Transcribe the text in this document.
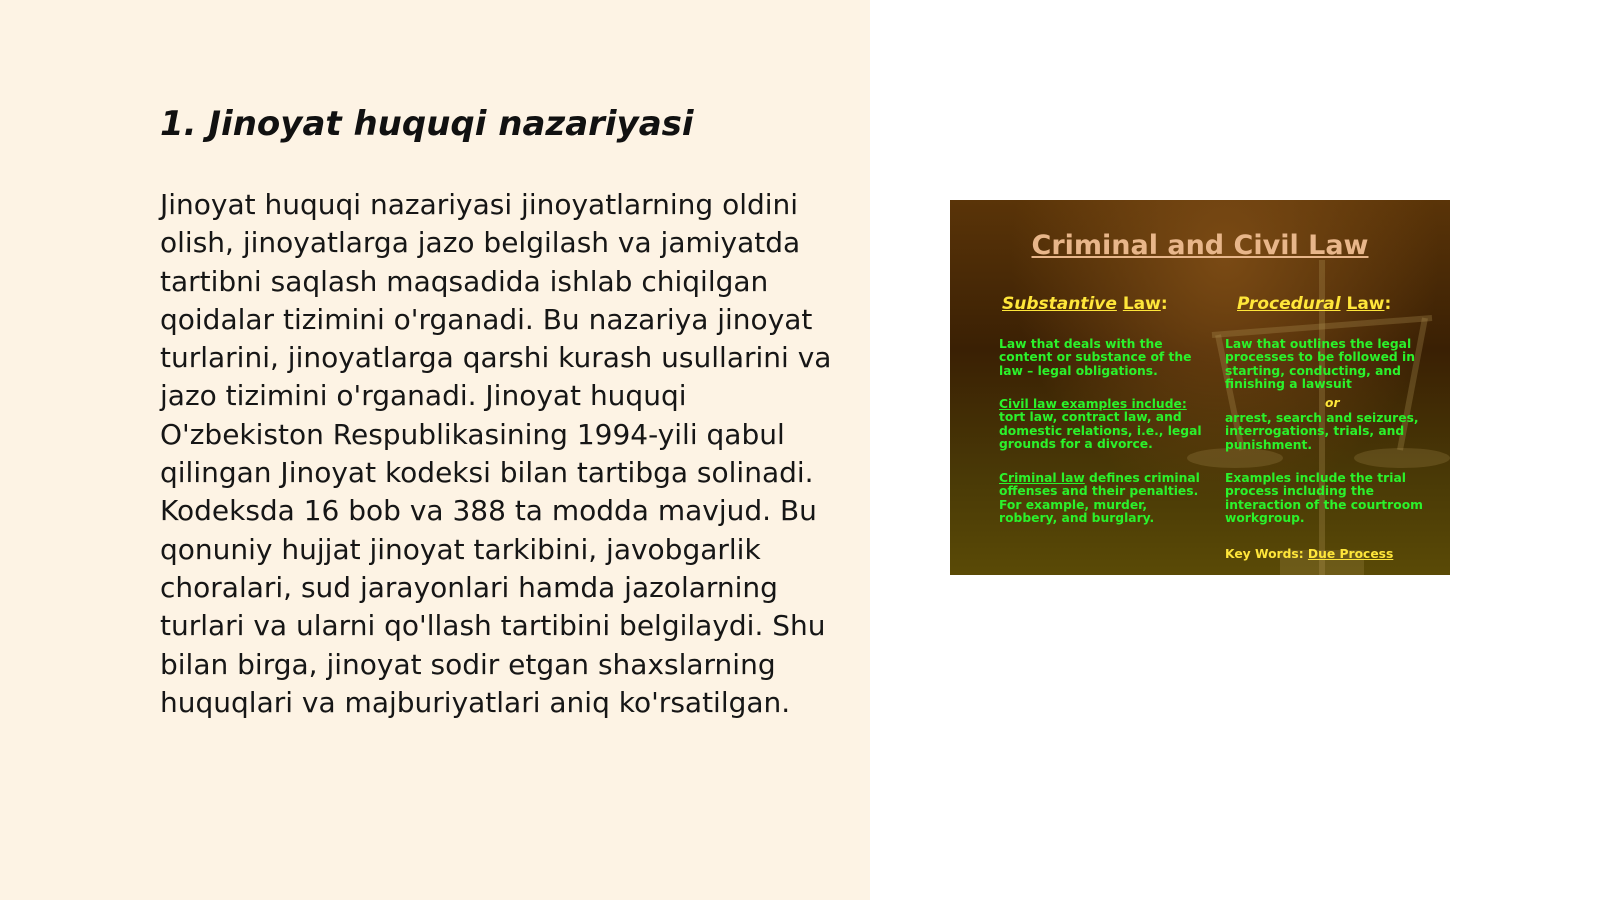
1. Jinoyat huquqi nazariyasi

Jinoyat huquqi nazariyasi jinoyatlarning oldini olish, jinoyatlarga jazo belgilash va jamiyatda tartibni saqlash maqsadida ishlab chiqilgan qoidalar tizimini o'rganadi. Bu nazariya jinoyat turlarini, jinoyatlarga qarshi kurash usullarini va jazo tizimini o'rganadi. Jinoyat huquqi O'zbekiston Respublikasining 1994-yili qabul qilingan Jinoyat kodeksi bilan tartibga solinadi. Kodeksda 16 bob va 388 ta modda mavjud. Bu qonuniy hujjat jinoyat tarkibini, javobgarlik choralari, sud jarayonlari hamda jazolarning turlari va ularni qo'llash tartibini belgilaydi. Shu bilan birga, jinoyat sodir etgan shaxslarning huquqlari va majburiyatlari aniq ko'rsatilgan.

Criminal and Civil Law
Substantive Law:	Procedural Law:
Law that deals with the content or substance of the law – legal obligations.
Civil law examples include: tort law, contract law, and domestic relations, i.e., legal grounds for a divorce.
Criminal law defines criminal offenses and their penalties. For example, murder, robbery, and burglary.
Law that outlines the legal processes to be followed in starting, conducting, and finishing a lawsuit
or
arrest, search and seizures, interrogations, trials, and punishment.
Examples include the trial process including the interaction of the courtroom workgroup.
Key Words: Due Process
